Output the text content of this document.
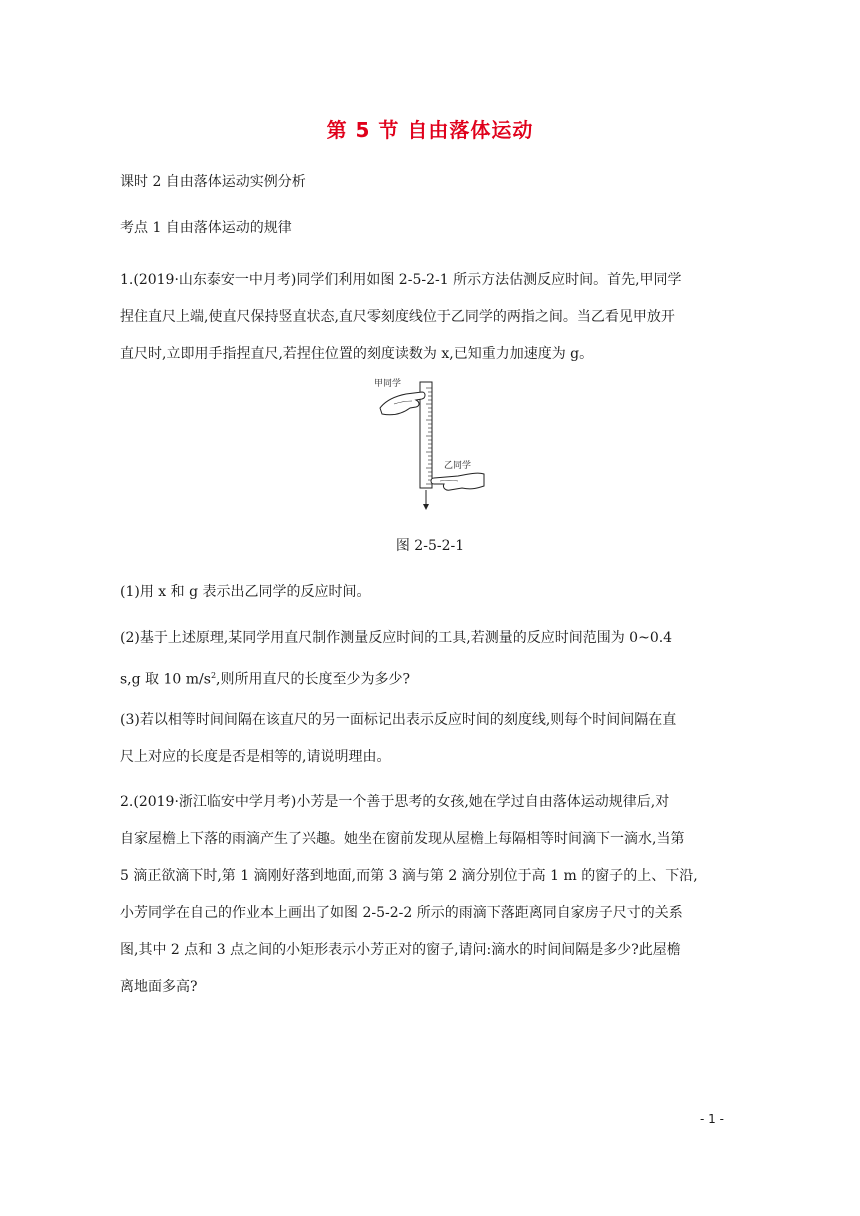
第 5 节 自由落体运动
课时 2 自由落体运动实例分析
考点 1 自由落体运动的规律

1.(2019·山东泰安一中月考)同学们利用如图 2-5-2-1 所示方法估测反应时间。首先,甲同学

捏住直尺上端,使直尺保持竖直状态,直尺零刻度线位于乙同学的两指之间。当乙看见甲放开

直尺时,立即用手指捏直尺,若捏住位置的刻度读数为 x,已知重力加速度为 g。

甲同学
乙同学
图 2-5-2-1
(1)用 x 和 g 表示出乙同学的反应时间。

(2)基于上述原理,某同学用直尺制作测量反应时间的工具,若测量的反应时间范围为 0~0.4

s,g 取 10 $m/s^2$,则所用直尺的长度至少为多少?

(3)若以相等时间间隔在该直尺的另一面标记出表示反应时间的刻度线,则每个时间间隔在直

尺上对应的长度是否是相等的,请说明理由。

2.(2019·浙江临安中学月考)小芳是一个善于思考的女孩,她在学过自由落体运动规律后,对

自家屋檐上下落的雨滴产生了兴趣。她坐在窗前发现从屋檐上每隔相等时间滴下一滴水,当第

5 滴正欲滴下时,第 1 滴刚好落到地面,而第 3 滴与第 2 滴分别位于高 1 m 的窗子的上、下沿,

小芳同学在自己的作业本上画出了如图 2-5-2-2 所示的雨滴下落距离同自家房子尺寸的关系

图,其中 2 点和 3 点之间的小矩形表示小芳正对的窗子,请问:滴水的时间间隔是多少?此屋檐

离地面多高?

- 1 -
